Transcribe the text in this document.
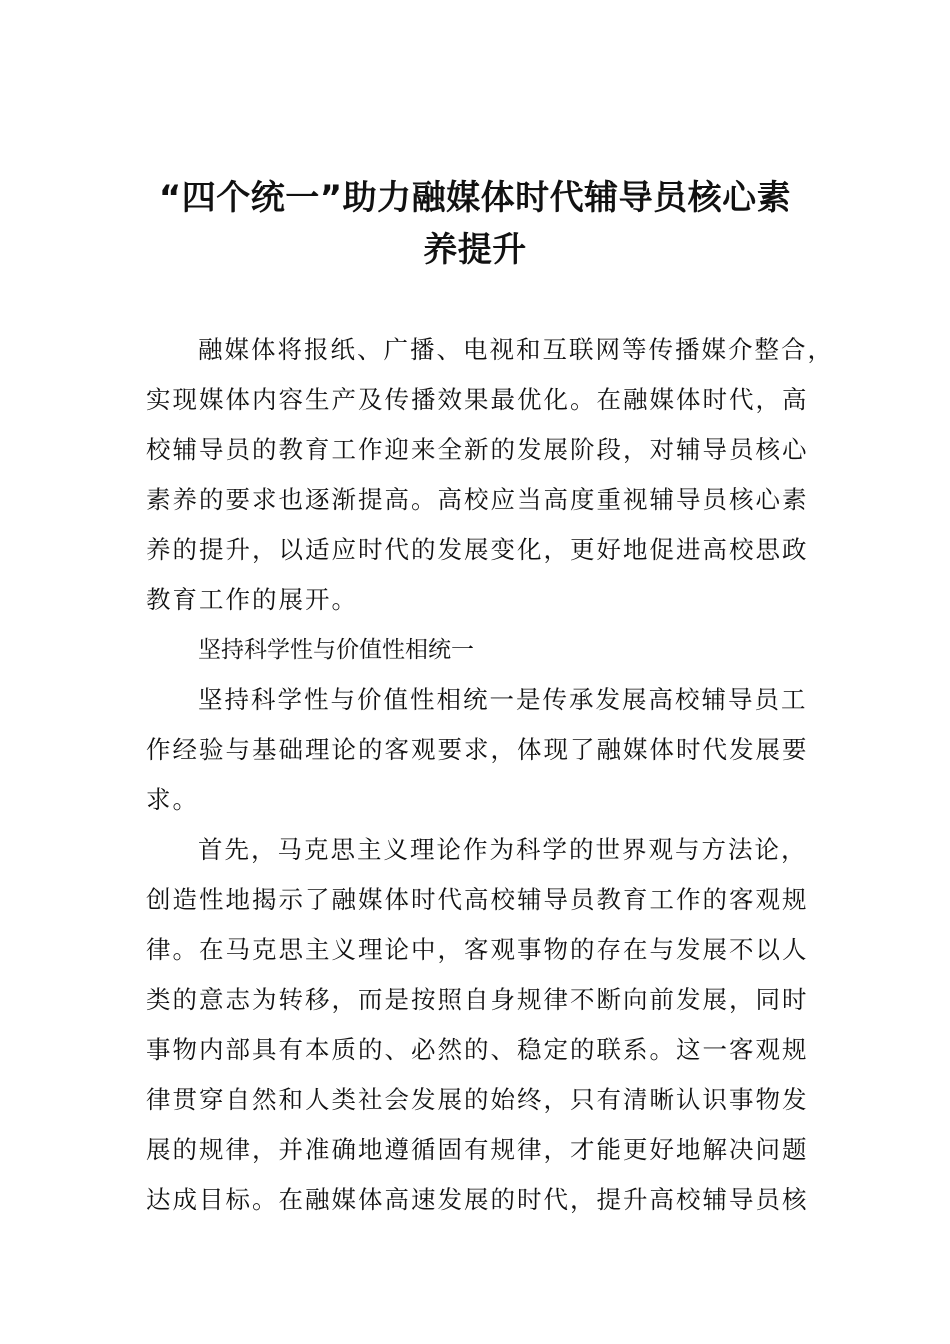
“四个统一”助力融媒体时代辅导员核心素
养提升
融媒体将报纸、广播、电视和互联网等传播媒介整合，
实现媒体内容生产及传播效果最优化。在融媒体时代，高
校辅导员的教育工作迎来全新的发展阶段，对辅导员核心
素养的要求也逐渐提高。高校应当高度重视辅导员核心素
养的提升，以适应时代的发展变化，更好地促进高校思政
教育工作的展开。
坚持科学性与价值性相统一
坚持科学性与价值性相统一是传承发展高校辅导员工
作经验与基础理论的客观要求，体现了融媒体时代发展要
求。
首先，马克思主义理论作为科学的世界观与方法论，
创造性地揭示了融媒体时代高校辅导员教育工作的客观规
律。在马克思主义理论中，客观事物的存在与发展不以人
类的意志为转移，而是按照自身规律不断向前发展，同时
事物内部具有本质的、必然的、稳定的联系。这一客观规
律贯穿自然和人类社会发展的始终，只有清晰认识事物发
展的规律，并准确地遵循固有规律，才能更好地解决问题
达成目标。在融媒体高速发展的时代，提升高校辅导员核
